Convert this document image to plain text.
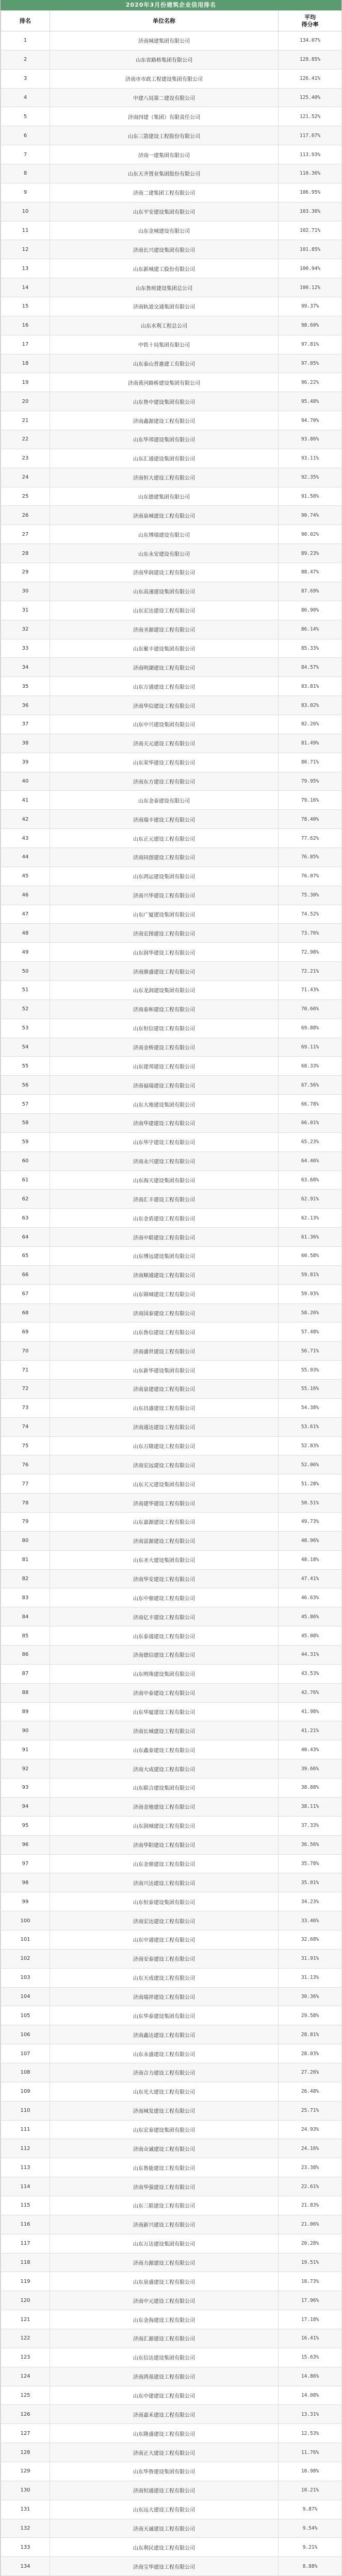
2020年3月份建筑企业信用排名
排名	单位名称	平均
得分率

1	济南城建集团有限公司	134.07%
2	山东省路桥集团有限公司	129.85%
3	济南市市政工程建设集团有限公司	126.41%
4	中建八局第二建设有限公司	125.40%
5	济南四建（集团）有限责任公司	121.52%
6	山东三箭建设工程股份有限公司	117.07%
7	济南一建集团有限公司	113.93%
8	山东天齐置业集团股份有限公司	110.36%
9	济南二建集团工程有限公司	106.95%
10	山东平安建设集团有限公司	103.36%
11	山东金城建设有限公司	102.71%
12	济南长兴建设集团有限公司	101.85%
13	山东新城建工股份有限公司	100.94%
14	山东鲁班建设集团总公司	100.12%
15	济南轨道交通集团有限公司	99.37%
16	山东水利工程总公司	98.60%
17	中铁十局集团有限公司	97.81%
18	山东泰山普惠建工有限公司	97.05%
19	济南黄河路桥建设集团有限公司	96.22%
20	山东鲁中建设集团有限公司	95.48%
21	济南鑫源建设工程有限公司	94.70%
22	山东华邦建设集团有限公司	93.86%
23	山东汇通建设集团有限公司	93.11%
24	济南恒大建设工程有限公司	92.35%
25	山东德建集团有限公司	91.58%
26	济南泉城建设工程有限公司	90.74%
27	山东博瑞建设有限公司	90.02%
28	山东永安建设有限公司	89.23%
29	济南华润建设工程有限公司	88.47%
30	山东高速建设集团有限公司	87.69%
31	山东宏达建设工程有限公司	86.90%
32	济南圣源建设工程有限公司	86.14%
33	山东聚丰建设集团有限公司	85.33%
34	济南明湖建设工程有限公司	84.57%
35	山东万通建设工程有限公司	83.81%
36	济南华信建设工程有限公司	83.02%
37	山东中兴建设集团有限公司	82.26%
38	济南天元建设工程有限公司	81.49%
39	山东荣华建设工程有限公司	80.71%
40	济南东方建设工程有限公司	79.95%
41	山东金泰建设有限公司	79.16%
42	济南瑞丰建设工程有限公司	78.40%
43	山东正元建设工程有限公司	77.62%
44	济南同创建设工程有限公司	76.85%
45	山东鸿运建设集团有限公司	76.07%
46	济南兴华建设工程有限公司	75.30%
47	山东广厦建设集团有限公司	74.52%
48	济南宏图建设工程有限公司	73.76%
49	山东润华建设工程有限公司	72.98%
50	济南鼎盛建设工程有限公司	72.21%
51	山东龙润建设集团有限公司	71.43%
52	济南泰和建设工程有限公司	70.66%
53	山东恒信建设工程有限公司	69.88%
54	济南金桥建设工程有限公司	69.11%
55	山东建邦建设工程有限公司	68.33%
56	济南福瑞建设工程有限公司	67.56%
57	山东大地建设集团有限公司	66.78%
58	济南华建建设工程有限公司	66.01%
59	山东华宇建设工程有限公司	65.23%
60	济南永兴建设工程有限公司	64.46%
61	山东海天建设集团有限公司	63.68%
62	济南汇丰建设工程有限公司	62.91%
63	山东金盾建设工程有限公司	62.13%
64	济南中联建设工程有限公司	61.36%
65	山东博远建设集团有限公司	60.58%
66	济南顺通建设工程有限公司	59.81%
67	山东锦城建设工程有限公司	59.03%
68	济南国泰建设工程有限公司	58.26%
69	山东鲁信建设工程有限公司	57.48%
70	济南盛世建设工程有限公司	56.71%
71	山东新华建设集团有限公司	55.93%
72	济南泉建建设工程有限公司	55.16%
73	山东昌盛建设工程有限公司	54.38%
74	济南通达建设工程有限公司	53.61%
75	山东万隆建设工程有限公司	52.83%
76	济南宏远建设工程有限公司	52.06%
77	山东天元建设集团有限公司	51.28%
78	济南建华建设工程有限公司	50.51%
79	山东嘉源建设工程有限公司	49.73%
80	济南富源建设工程有限公司	48.96%
81	山东圣大建设集团有限公司	48.18%
82	济南华安建设工程有限公司	47.41%
83	山东中鼎建设工程有限公司	46.63%
84	济南亿丰建设工程有限公司	45.86%
85	山东泰通建设工程有限公司	45.08%
86	济南德信建设工程有限公司	44.31%
87	山东明珠建设集团有限公司	43.53%
88	济南中泰建设工程有限公司	42.76%
89	山东华厦建设工程有限公司	41.98%
90	济南长城建设工程有限公司	41.21%
91	山东鑫泰建设工程有限公司	40.43%
92	济南大成建设工程有限公司	39.66%
93	山东联合建设集团有限公司	38.88%
94	济南金地建设工程有限公司	38.11%
95	山东润城建设工程有限公司	37.33%
96	济南华阳建设工程有限公司	36.56%
97	山东金鼎建设工程有限公司	35.78%
98	济南兴达建设工程有限公司	35.01%
99	山东恒泰建设集团有限公司	34.23%
100	济南宏达建设工程有限公司	33.46%
101	山东中通建设工程有限公司	32.68%
102	济南安泰建设工程有限公司	31.91%
103	山东天成建设工程有限公司	31.13%
104	济南瑞祥建设工程有限公司	30.36%
105	山东华泰建设集团有限公司	29.58%
106	济南鑫达建设工程有限公司	28.81%
107	山东永盛建设工程有限公司	28.03%
108	济南合力建设工程有限公司	27.26%
109	山东光大建设工程有限公司	26.48%
110	济南城发建设工程有限公司	25.71%
111	山东宏泰建设集团有限公司	24.93%
112	济南众诚建设工程有限公司	24.16%
113	山东鲁能建设工程有限公司	23.38%
114	济南华强建设工程有限公司	22.61%
115	山东三联建设工程有限公司	21.83%
116	济南新兴建设工程有限公司	21.06%
117	山东万达建设集团有限公司	20.28%
118	济南力源建设工程有限公司	19.51%
119	山东泉盛建设工程有限公司	18.73%
120	济南中元建设工程有限公司	17.96%
121	山东金海建设工程有限公司	17.18%
122	济南汇源建设工程有限公司	16.41%
123	山东信达建设集团有限公司	15.63%
124	济南鸿基建设工程有限公司	14.86%
125	山东中建建设工程有限公司	14.08%
126	济南嘉禾建设工程有限公司	13.31%
127	山东隆盛建设工程有限公司	12.53%
128	济南正大建设工程有限公司	11.76%
129	山东华鲁建设集团有限公司	10.98%
130	济南恒通建设工程有限公司	10.21%
131	山东远大建设工程有限公司	9.87%
132	济南天诚建设工程有限公司	9.54%
133	山东利民建设工程有限公司	9.21%
134	济南宝华建设工程有限公司	8.88%
